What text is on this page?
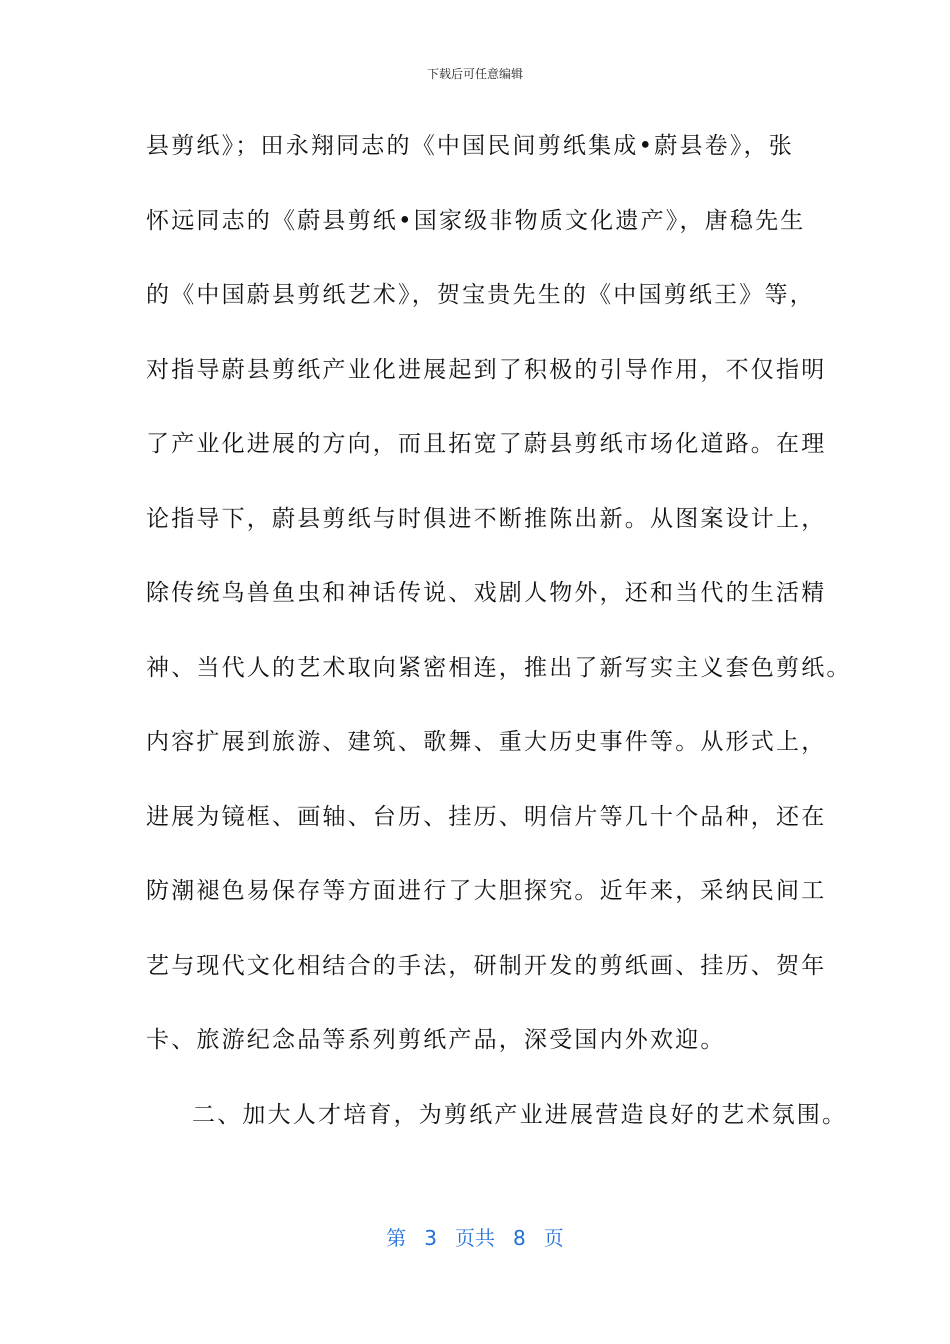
下载后可任意编辑
县剪纸》；田永翔同志的《中国民间剪纸集成•蔚县卷》，张
怀远同志的《蔚县剪纸•国家级非物质文化遗产》，唐稳先生
的《中国蔚县剪纸艺术》，贺宝贵先生的《中国剪纸王》等，
对指导蔚县剪纸产业化进展起到了积极的引导作用，不仅指明
了产业化进展的方向，而且拓宽了蔚县剪纸市场化道路。在理
论指导下，蔚县剪纸与时俱进不断推陈出新。从图案设计上，
除传统鸟兽鱼虫和神话传说、戏剧人物外，还和当代的生活精
神、当代人的艺术取向紧密相连，推出了新写实主义套色剪纸。
内容扩展到旅游、建筑、歌舞、重大历史事件等。从形式上，
进展为镜框、画轴、台历、挂历、明信片等几十个品种，还在
防潮褪色易保存等方面进行了大胆探究。近年来，采纳民间工
艺与现代文化相结合的手法，研制开发的剪纸画、挂历、贺年
卡、旅游纪念品等系列剪纸产品，深受国内外欢迎。
二、加大人才培育，为剪纸产业进展营造良好的艺术氛围。
第 3 页共 8 页
